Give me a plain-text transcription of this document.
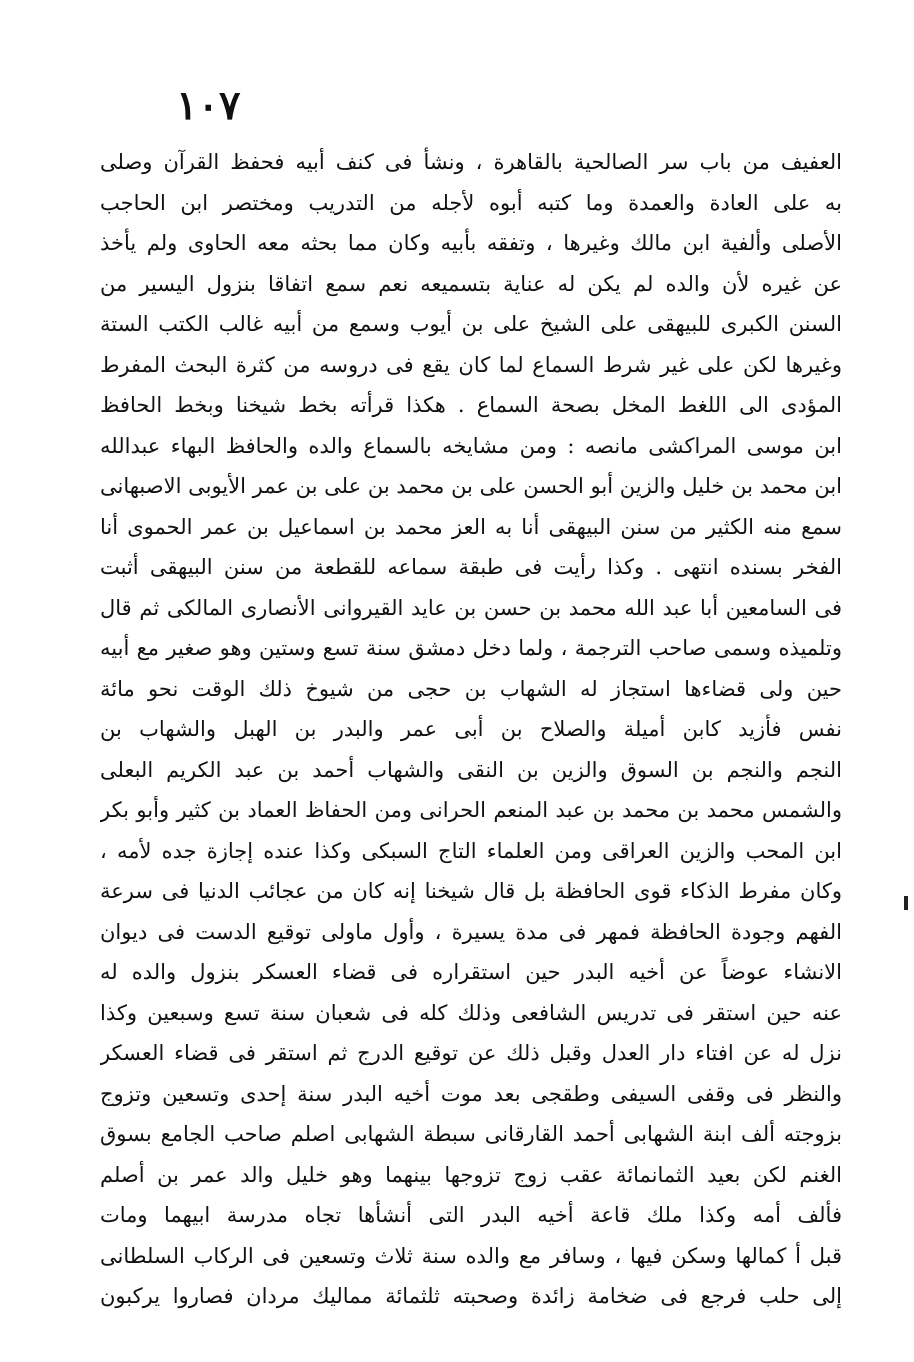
١٠٧
العفيف من باب سر الصالحية بالقاهرة ، ونشأ فى كنف أبيه فحفظ القرآن وصلى
به على العادة والعمدة وما كتبه أبوه لأجله من التدريب ومختصر ابن الحاجب
الأصلى وألفية ابن مالك وغيرها ، وتفقه بأبيه وكان مما بحثه معه الحاوى ولم يأخذ
عن غيره لأن والده لم يكن له عناية بتسميعه نعم سمع اتفاقا بنزول اليسير من
السنن الكبرى للبيهقى على الشيخ على بن أيوب وسمع من أبيه غالب الكتب الستة
وغيرها لكن على غير شرط السماع لما كان يقع فى دروسه من كثرة البحث المفرط
المؤدى الى اللغط المخل بصحة السماع . هكذا قرأته بخط شيخنا وبخط الحافظ
ابن موسى المراكشى مانصه : ومن مشايخه بالسماع والده والحافظ البهاء عبدالله
ابن محمد بن خليل والزين أبو الحسن على بن محمد بن على بن عمر الأيوبى الاصبهانى
سمع منه الكثير من سنن البيهقى أنا به العز محمد بن اسماعيل بن عمر الحموى أنا
الفخر بسنده انتهى . وكذا رأيت فى طبقة سماعه للقطعة من سنن البيهقى أثبت
فى السامعين أبا عبد الله محمد بن حسن بن عايد القيروانى الأنصارى المالكى ثم قال
وتلميذه وسمى صاحب الترجمة ، ولما دخل دمشق سنة تسع وستين وهو صغير مع أبيه
حين ولى قضاءها استجاز له الشهاب بن حجى من شيوخ ذلك الوقت نحو مائة
نفس فأزيد كابن أميلة والصلاح بن أبى عمر والبدر بن الهبل والشهاب بن
النجم والنجم بن السوق والزين بن النقى والشهاب أحمد بن عبد الكريم البعلى
والشمس محمد بن محمد بن عبد المنعم الحرانى ومن الحفاظ العماد بن كثير وأبو بكر
ابن المحب والزين العراقى ومن العلماء التاج السبكى وكذا عنده إجازة جده لأمه ،
وكان مفرط الذكاء قوى الحافظة بل قال شيخنا إنه كان من عجائب الدنيا فى سرعة
الفهم وجودة الحافظة فمهر فى مدة يسيرة ، وأول ماولى توقيع الدست فى ديوان
الانشاء عوضاً عن أخيه البدر حين استقراره فى قضاء العسكر بنزول والده له
عنه حين استقر فى تدريس الشافعى وذلك كله فى شعبان سنة تسع وسبعين وكذا
نزل له عن افتاء دار العدل وقبل ذلك عن توقيع الدرج ثم استقر فى قضاء العسكر
والنظر فى وقفى السيفى وطقجى بعد موت أخيه البدر سنة إحدى وتسعين وتزوج
بزوجته ألف ابنة الشهابى أحمد القارقانى سبطة الشهابى اصلم صاحب الجامع بسوق
الغنم لكن بعيد الثمانمائة عقب زوج تزوجها بينهما وهو خليل والد عمر بن أصلم
فألف أمه وكذا ملك قاعة أخيه البدر التى أنشأها تجاه مدرسة ابيهما ومات
قبل أ كمالها وسكن فيها ، وسافر مع والده سنة ثلاث وتسعين فى الركاب السلطانى
إلى حلب فرجع فى ضخامة زائدة وصحبته ثلثمائة مماليك مردان فصاروا يركبون
